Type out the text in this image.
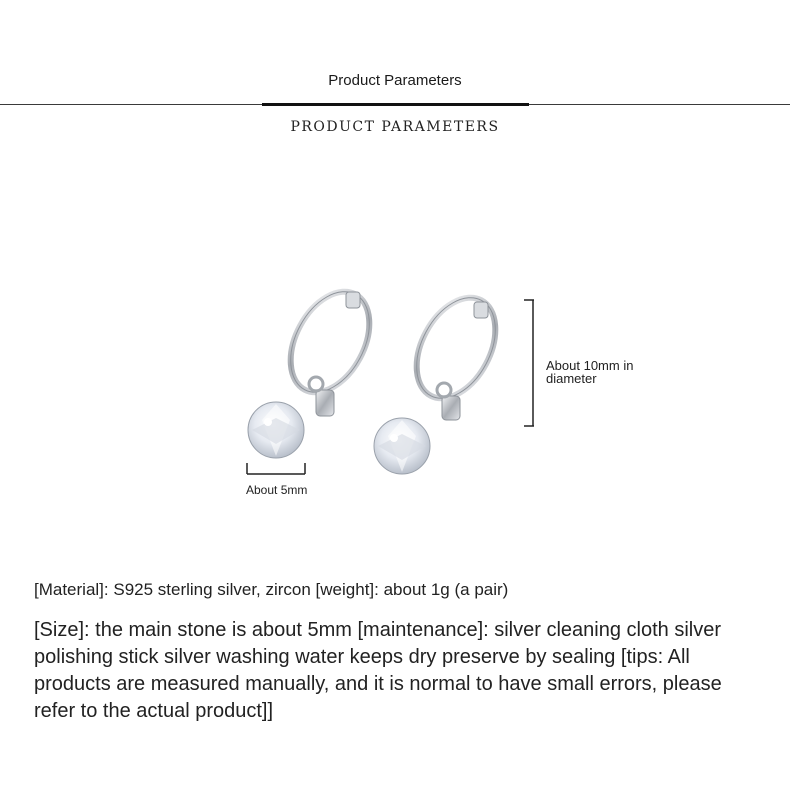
Product Parameters
PRODUCT PARAMETERS
About 10mm in diameter
About 5mm
[Material]: S925 sterling silver, zircon [weight]: about 1g (a pair)
[Size]: the main stone is about 5mm [maintenance]: silver cleaning cloth silver polishing stick silver washing water keeps dry preserve by sealing [tips: All products are measured manually, and it is normal to have small errors, please refer to the actual product]]
